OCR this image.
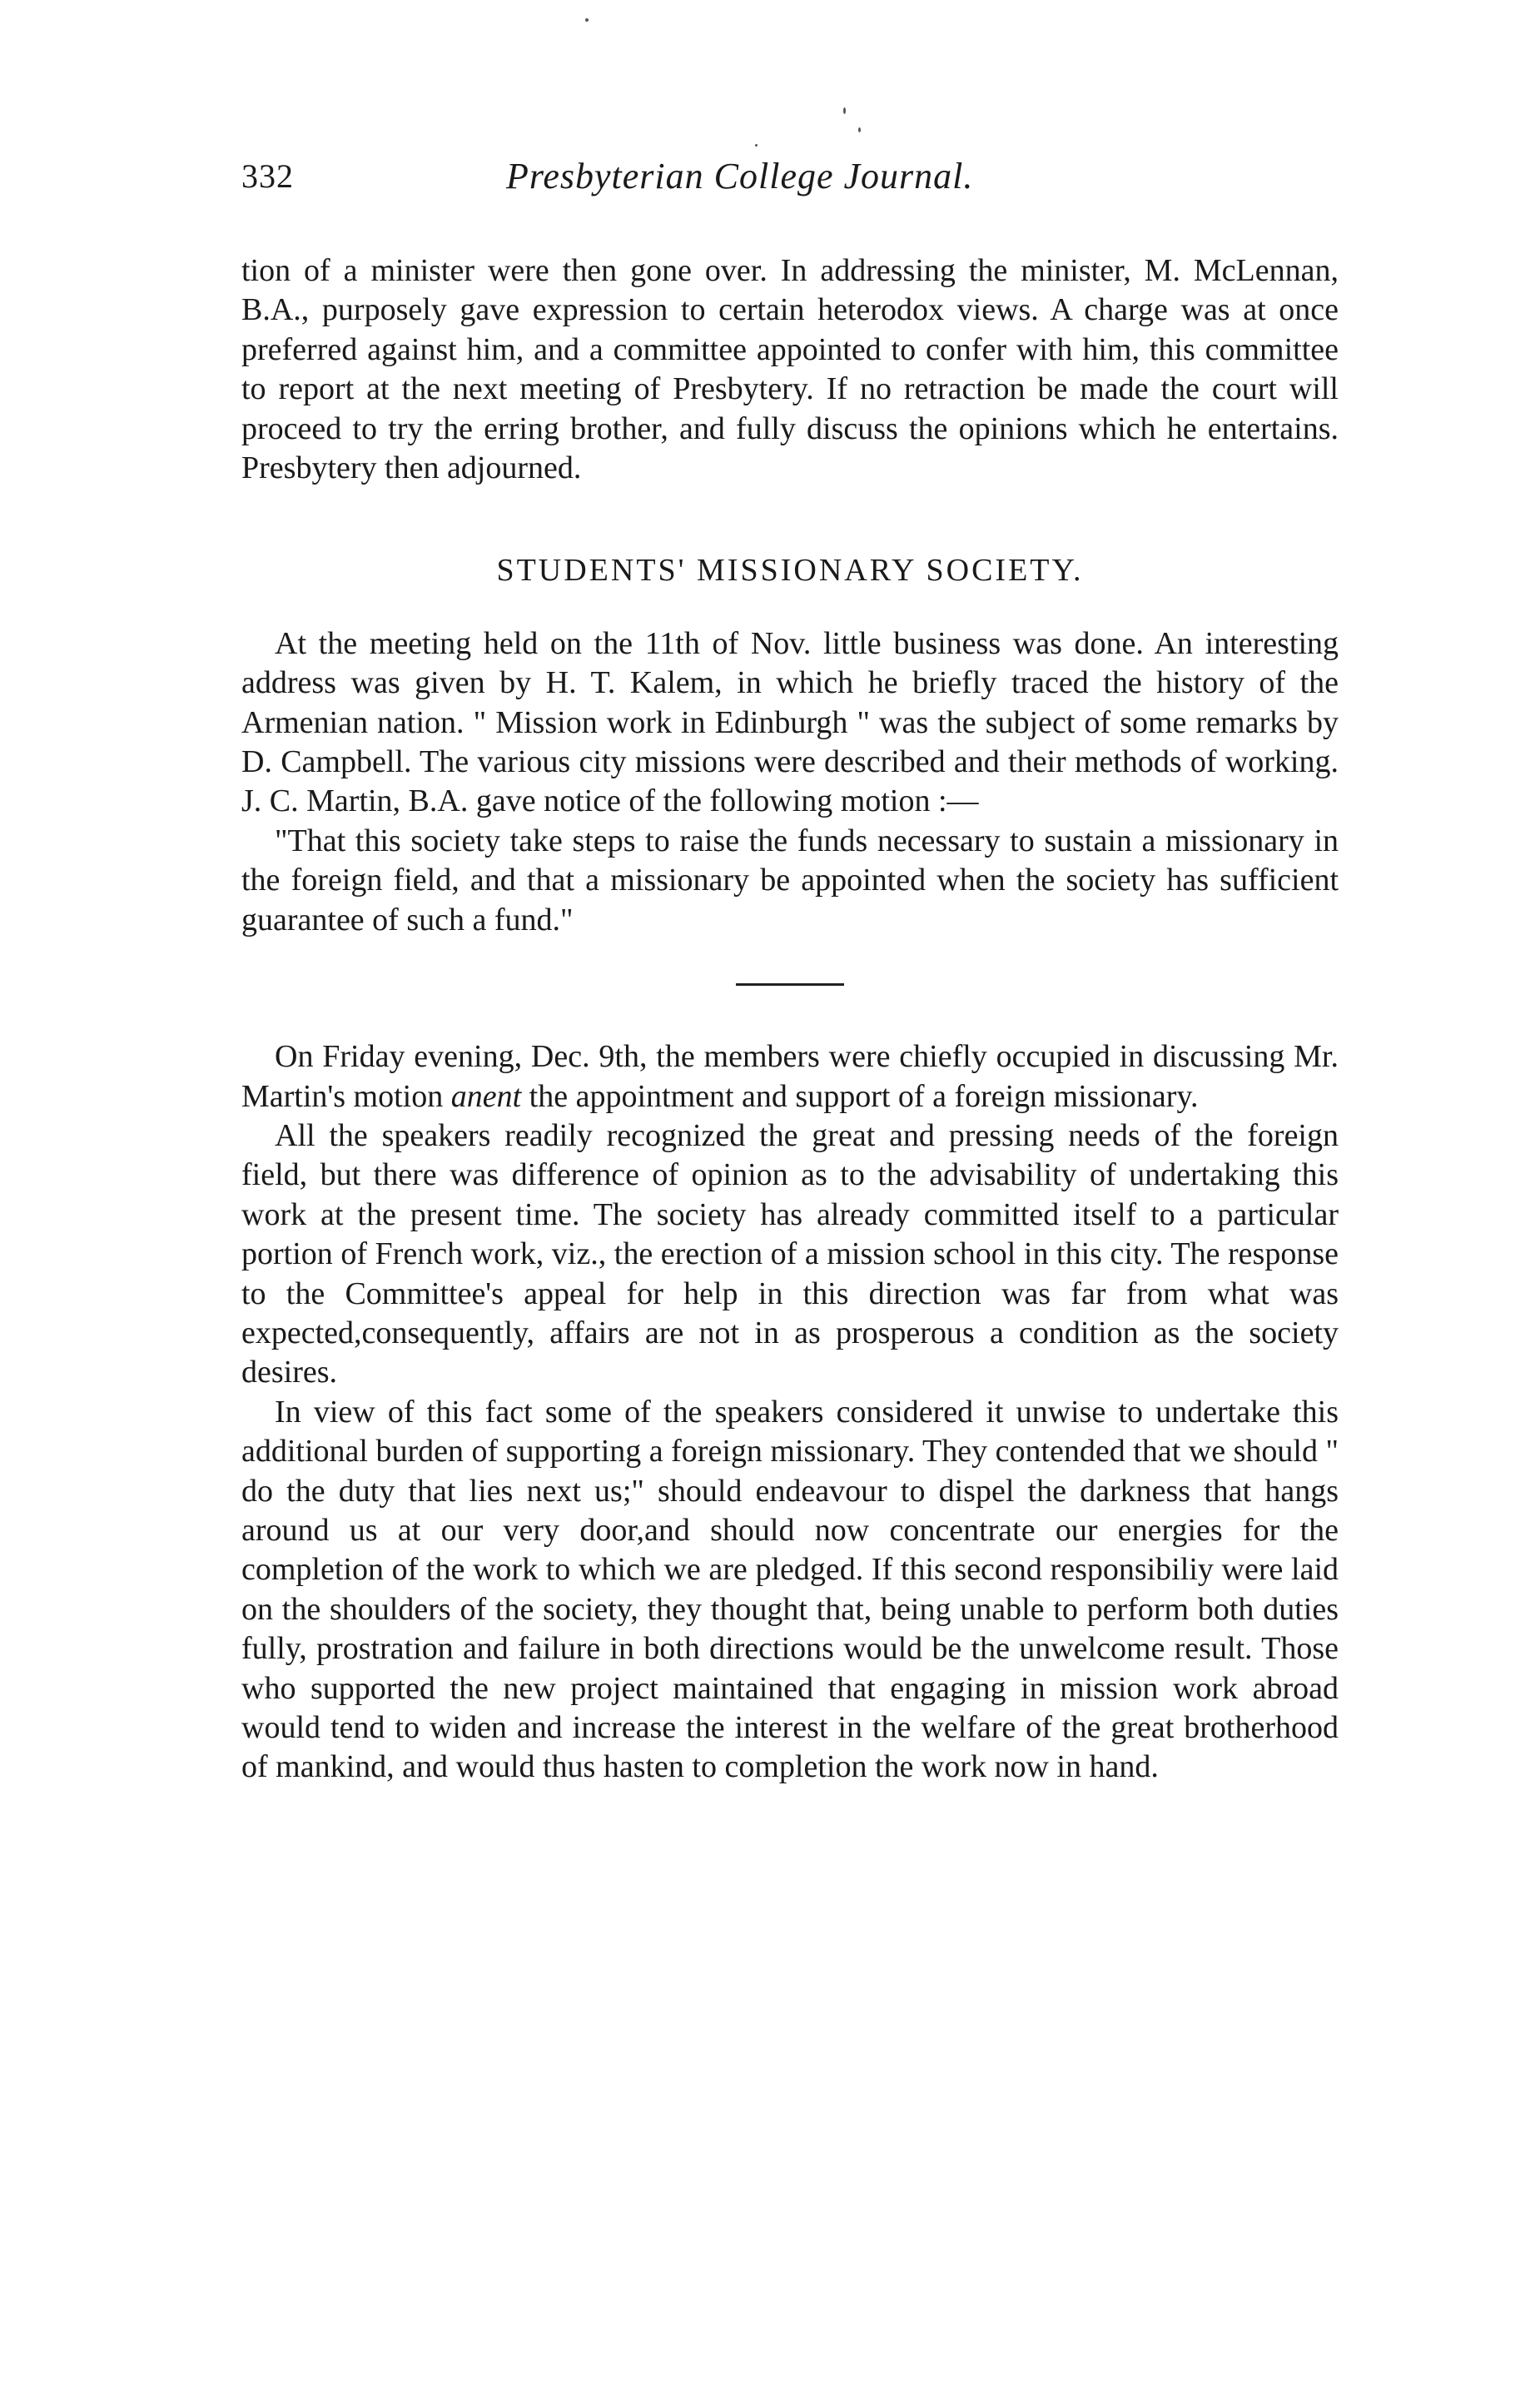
332	Presbyterian College Journal.

tion of a minister were then gone over. In addressing the minister, M. McLennan, B.A., purposely gave expression to certain heterodox views. A charge was at once preferred against him, and a committee appointed to confer with him, this committee to report at the next meeting of Presbytery. If no retraction be made the court will proceed to try the erring brother, and fully discuss the opinions which he entertains. Presbytery then adjourned.

STUDENTS' MISSIONARY SOCIETY.

At the meeting held on the 11th of Nov. little business was done. An interesting address was given by H. T. Kalem, in which he briefly traced the history of the Armenian nation. " Mission work in Edinburgh " was the subject of some remarks by D. Campbell. The various city missions were described and their methods of working. J. C. Martin, B.A. gave notice of the following motion :—

"That this society take steps to raise the funds necessary to sustain a missionary in the foreign field, and that a missionary be appointed when the society has sufficient guarantee of such a fund."

On Friday evening, Dec. 9th, the members were chiefly occupied in discussing Mr. Martin's motion anent the appointment and support of a foreign missionary.

All the speakers readily recognized the great and pressing needs of the foreign field, but there was difference of opinion as to the advisability of undertaking this work at the present time. The society has already committed itself to a particular portion of French work, viz., the erection of a mission school in this city. The response to the Committee's appeal for help in this direction was far from what was expected,consequently, affairs are not in as prosperous a condition as the society desires.

In view of this fact some of the speakers considered it unwise to undertake this additional burden of supporting a foreign missionary. They contended that we should " do the duty that lies next us;" should endeavour to dispel the darkness that hangs around us at our very door,and should now concentrate our energies for the completion of the work to which we are pledged. If this second responsibiliy were laid on the shoulders of the society, they thought that, being unable to perform both duties fully, prostration and failure in both directions would be the unwelcome result. Those who supported the new project maintained that engaging in mission work abroad would tend to widen and increase the interest in the welfare of the great brotherhood of mankind, and would thus hasten to completion the work now in hand.
